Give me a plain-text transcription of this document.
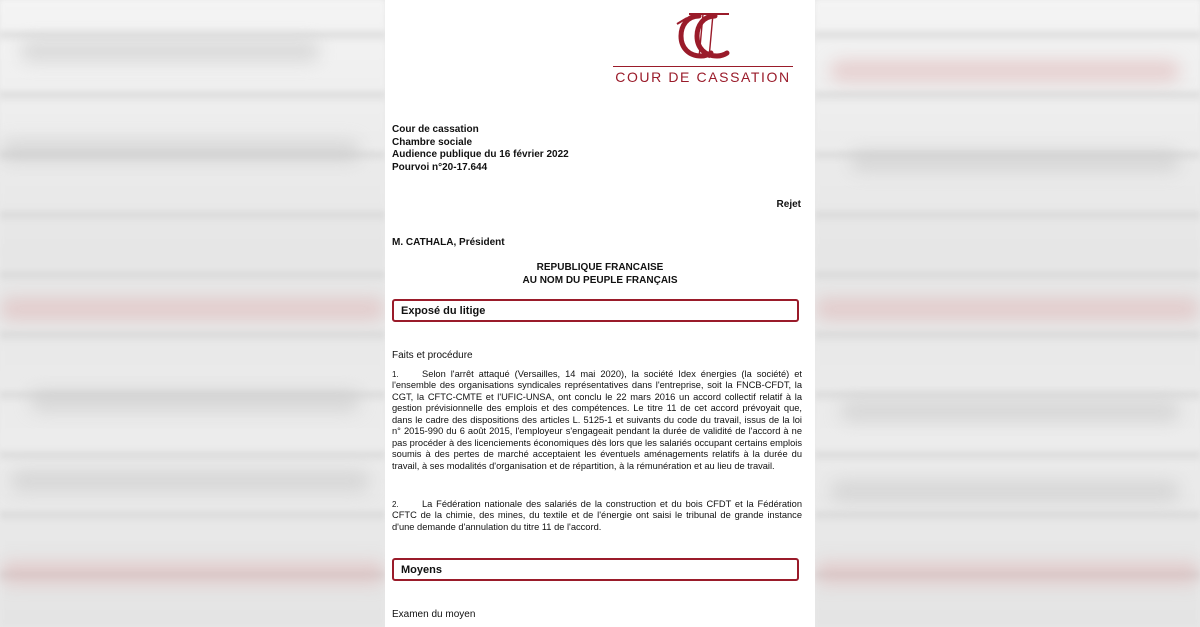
COUR DE CASSATION
Cour de cassation
Chambre sociale
Audience publique du 16 février 2022
Pourvoi n°20-17.644
Rejet
M. CATHALA, Président
REPUBLIQUE FRANCAISE
AU NOM DU PEUPLE FRANÇAIS
Exposé du litige
Faits et procédure
1.	Selon l'arrêt attaqué (Versailles, 14 mai 2020), la société Idex énergies (la société) et l'ensemble des organisations syndicales représentatives dans l'entreprise, soit la FNCB-CFDT, la CGT, la CFTC-CMTE et l'UFIC-UNSA, ont conclu le 22 mars 2016 un accord collectif relatif à la gestion prévisionnelle des emplois et des compétences. Le titre 11 de cet accord prévoyait que, dans le cadre des dispositions des articles L. 5125-1 et suivants du code du travail, issus de la loi n° 2015-990 du 6 août 2015, l'employeur s'engageait pendant la durée de validité de l'accord à ne pas procéder à des licenciements économiques dès lors que les salariés occupant certains emplois soumis à des pertes de marché acceptaient les éventuels aménagements relatifs à la durée du travail, à ses modalités d'organisation et de répartition, à la rémunération et au lieu de travail.
2.	La Fédération nationale des salariés de la construction et du bois CFDT et la Fédération CFTC de la chimie, des mines, du textile et de l'énergie ont saisi le tribunal de grande instance d'une demande d'annulation du titre 11 de l'accord.
Moyens
Examen du moyen
